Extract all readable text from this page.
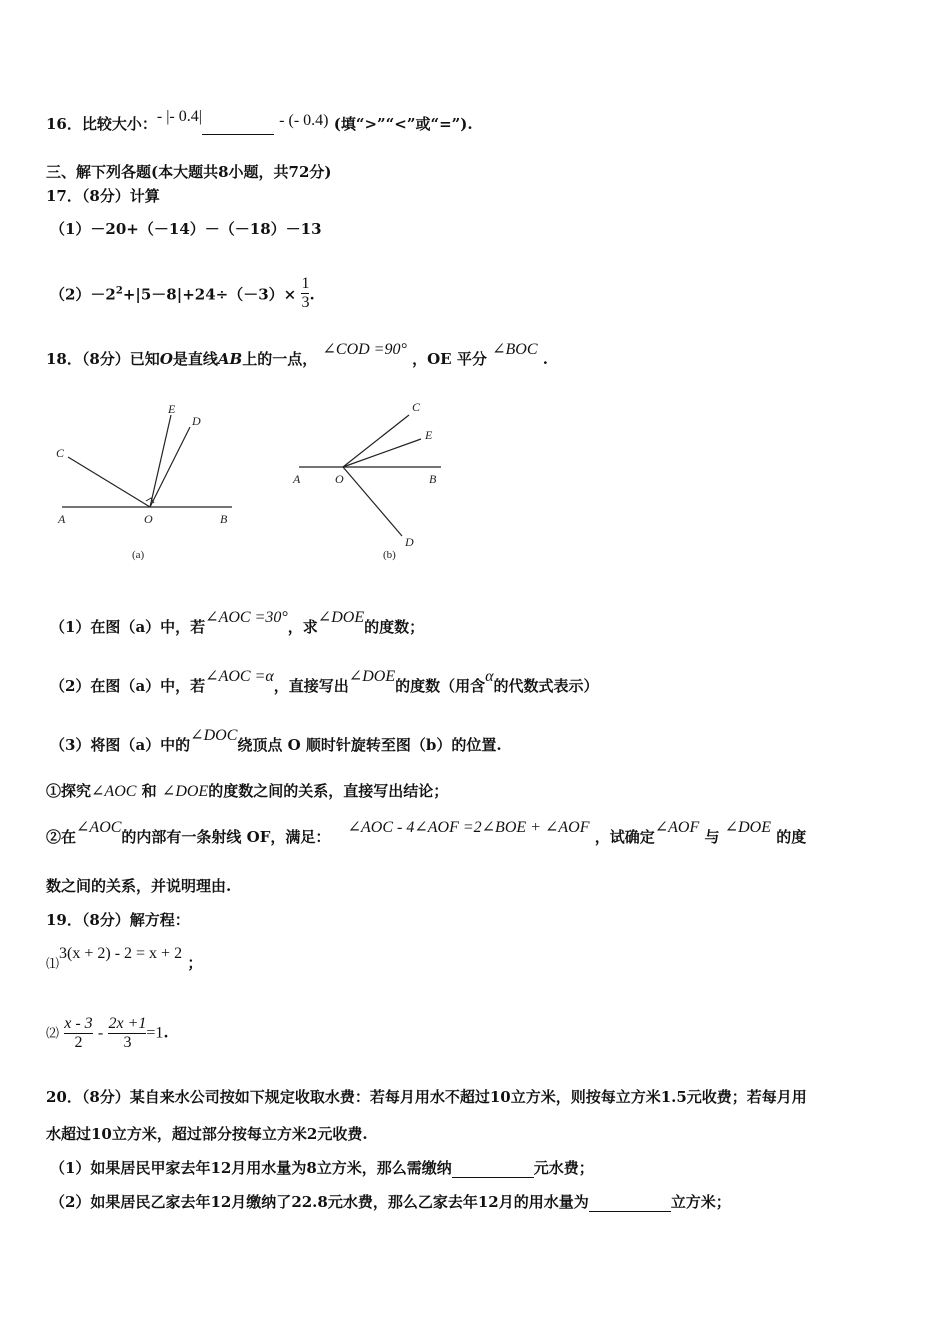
16．比较大小：- |- 0.4|	- (- 0.4) (填“>”“<”或“=”).
三、解下列各题(本大题共8小题，共72分)
17．（8分）计算
（1）－20+（－14）－（－18）－13
$(2)-2^2+|5-8|+24\div(-3)\times \frac{1}{3}$ .
18．（8分）已知O是直线AB上的一点， ∠COD =90° ，OE 平分 ∠BOC .
A	O	B
C
E
D
(a)
A	O	B
C
E
D
(b)
（1）在图（a）中，若∠AOC =30°，求∠DOE的度数；
（2）在图（a）中，若∠AOC =α，直接写出∠DOE的度数（用含α的代数式表示）
（3）将图（a）中的∠DOC绕顶点 O 顺时针旋转至图（b）的位置.
①探究∠AOC 和 ∠DOE的度数之间的关系，直接写出结论；
②在∠AOC的内部有一条射线 OF，满足： ∠AOC - 4∠AOF =2∠BOE + ∠AOF ，试确定∠AOF 与 ∠DOE 的度
数之间的关系，并说明理由.
19．（8分）解方程：
⑴3(x + 2) - 2 = x + 2 ；
⑵ $\frac{x - 3}{2} - \frac{2x +1}{3} =1$.
20．（8分）某自来水公司按如下规定收取水费：若每月用水不超过10立方米，则按每立方米1.5元收费；若每月用
水超过10立方米，超过部分按每立方米2元收费.
（1）如果居民甲家去年12月用水量为8立方米，那么需缴纳	元水费；
（2）如果居民乙家去年12月缴纳了22.8元水费，那么乙家去年12月的用水量为	立方米；
